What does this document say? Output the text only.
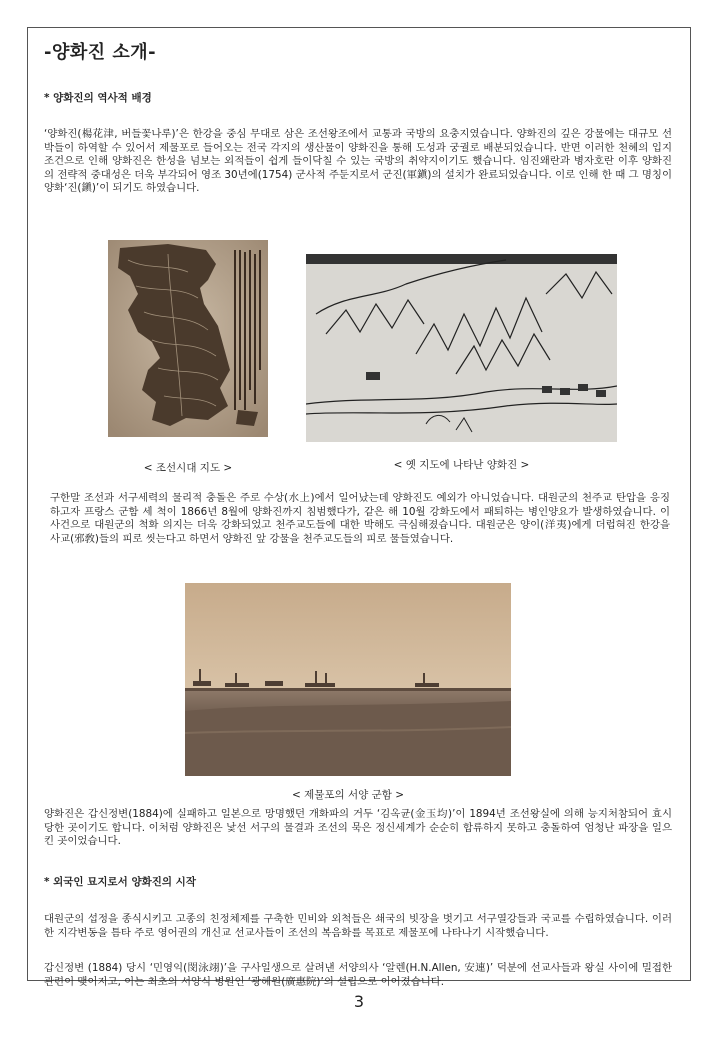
-양화진 소개-

* 양화진의 역사적 배경

‘양화진(楊花津, 버들꽃나루)’은 한강을 중심 무대로 삼은 조선왕조에서 교통과 국방의 요충지였습니다. 양화진의 깊은 강물에는 대규모 선박들이 하역할 수 있어서 제물포로 들어오는 전국 각지의 생산물이 양화진을 통해 도성과 궁궐로 배분되었습니다. 반면 이러한 천혜의 입지조건으로 인해 양화진은 한성을 넘보는 외적들이 쉽게 들이닥칠 수 있는 국방의 취약지이기도 했습니다. 임진왜란과 병자호란 이후 양화진의 전략적 중대성은 더욱 부각되어 영조 30년에(1754) 군사적 주둔지로서 군진(軍鎭)의 설치가 완료되었습니다. 이로 인해 한 때 그 명칭이 양화‘진(鎭)’이 되기도 하였습니다.

< 조선시대 지도 >	< 옛 지도에 나타난 양화진 >

구한말 조선과 서구세력의 물리적 충돌은 주로 수상(水上)에서 일어났는데 양화진도 예외가 아니었습니다. 대원군의 천주교 탄압을 응징하고자 프랑스 군함 세 척이 1866년 8월에 양화진까지 침범했다가, 같은 해 10월 강화도에서 패퇴하는 병인양요가 발생하였습니다. 이 사건으로 대원군의 척화 의지는 더욱 강화되었고 천주교도들에 대한 박해도 극심해졌습니다. 대원군은 양이(洋夷)에게 더럽혀진 한강을 사교(邪敎)들의 피로 씻는다고 하면서 양화진 앞 강물을 천주교도들의 피로 물들였습니다.

< 제물포의 서양 군함 >

양화진은 갑신정변(1884)에 실패하고 일본으로 망명했던 개화파의 거두 ‘김옥균(金玉均)’이 1894년 조선왕실에 의해 능지처참되어 효시 당한 곳이기도 합니다. 이처럼 양화진은 낯선 서구의 물결과 조선의 묵은 정신세계가 순순히 합류하지 못하고 충돌하여 엄청난 파장을 일으킨 곳이었습니다.

* 외국인 묘지로서 양화진의 시작

대원군의 섭정을 종식시키고 고종의 친정체제를 구축한 민비와 외척들은 쇄국의 빗장을 벗기고 서구열강들과 국교를 수립하였습니다. 이러한 지각변동을 틈타 주로 영어권의 개신교 선교사들이 조선의 복음화를 목표로 제물포에 나타나기 시작했습니다.

갑신정변 (1884) 당시 ‘민영익(閔泳翊)’을 구사일생으로 살려낸 서양의사 ‘알렌(H.N.Allen, 安連)’ 덕분에 선교사들과 왕실 사이에 밀접한 관련이 맺어지고, 이는 최초의 서양식 병원인 ‘광혜원(廣惠院)’의 설립으로 이어졌습니다.

3
